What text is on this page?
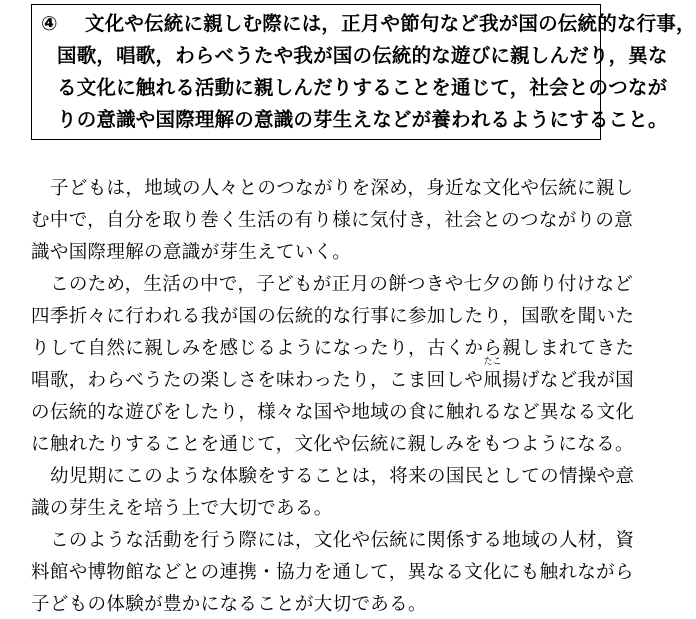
④ 文化や伝統に親しむ際には，正月や節句など我が国の伝統的な行事，
国歌，唱歌，わらべうたや我が国の伝統的な遊びに親しんだり，異な
る文化に触れる活動に親しんだりすることを通じて，社会とのつなが
りの意識や国際理解の意識の芽生えなどが養われるようにすること。
子どもは，地域の人々とのつながりを深め，身近な文化や伝統に親し
む中で，自分を取り巻く生活の有り様に気付き，社会とのつながりの意
識や国際理解の意識が芽生えていく。
このため，生活の中で，子どもが正月の餅つきや七夕の飾り付けなど
四季折々に行われる我が国の伝統的な行事に参加したり，国歌を聞いた
りして自然に親しみを感じるようになったり，古くから親しまれてきた
唱歌，わらべうたの楽しさを味わったり，こま回しや
たこ
凧揚げなど我が国
の伝統的な遊びをしたり，様々な国や地域の食に触れるなど異なる文化
に触れたりすることを通じて，文化や伝統に親しみをもつようになる。
幼児期にこのような体験をすることは，将来の国民としての情操や意
識の芽生えを培う上で大切である。
このような活動を行う際には，文化や伝統に関係する地域の人材，資
料館や博物館などとの連携・協力を通して，異なる文化にも触れながら
子どもの体験が豊かになることが大切である。
